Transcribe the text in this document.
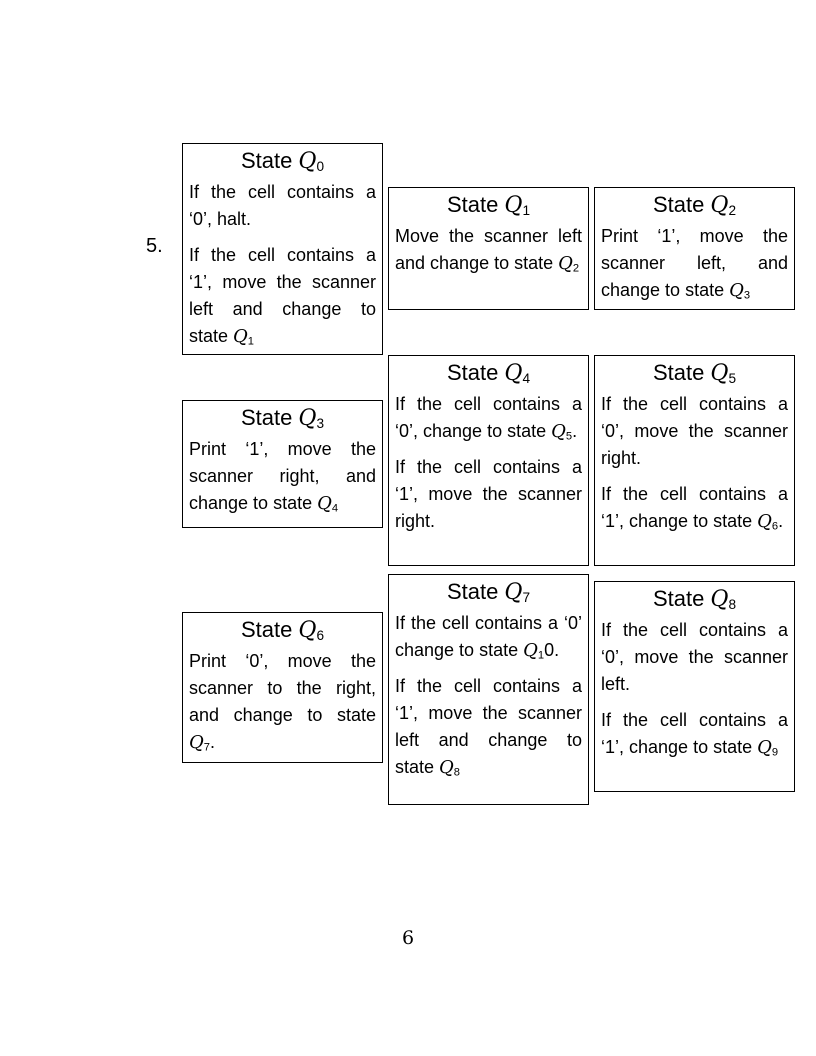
5.
State $Q_0$
If the cell contains a ‘0’, halt.
If the cell contains a ‘1’, move the scanner left and change to state $Q_1$
State $Q_1$
Move the scanner left and change to state $Q_2$
State $Q_2$
Print ‘1’, move the scanner left, and change to state $Q_3$
State $Q_3$
Print ‘1’, move the scanner right, and change to state $Q_4$
State $Q_4$
If the cell contains a ‘0’, change to state $Q_5$.
If the cell contains a ‘1’, move the scanner right.
State $Q_5$
If the cell contains a ‘0’, move the scanner right.
If the cell contains a ‘1’, change to state $Q_6$.
State $Q_6$
Print ‘0’, move the scanner to the right, and change to state $Q_7$.
State $Q_7$
If the cell contains a ‘0’ change to state $Q_10$.
If the cell contains a ‘1’, move the scanner left and change to state $Q_8$
State $Q_8$
If the cell contains a ‘0’, move the scanner left.
If the cell contains a ‘1’, change to state $Q_9$
6
